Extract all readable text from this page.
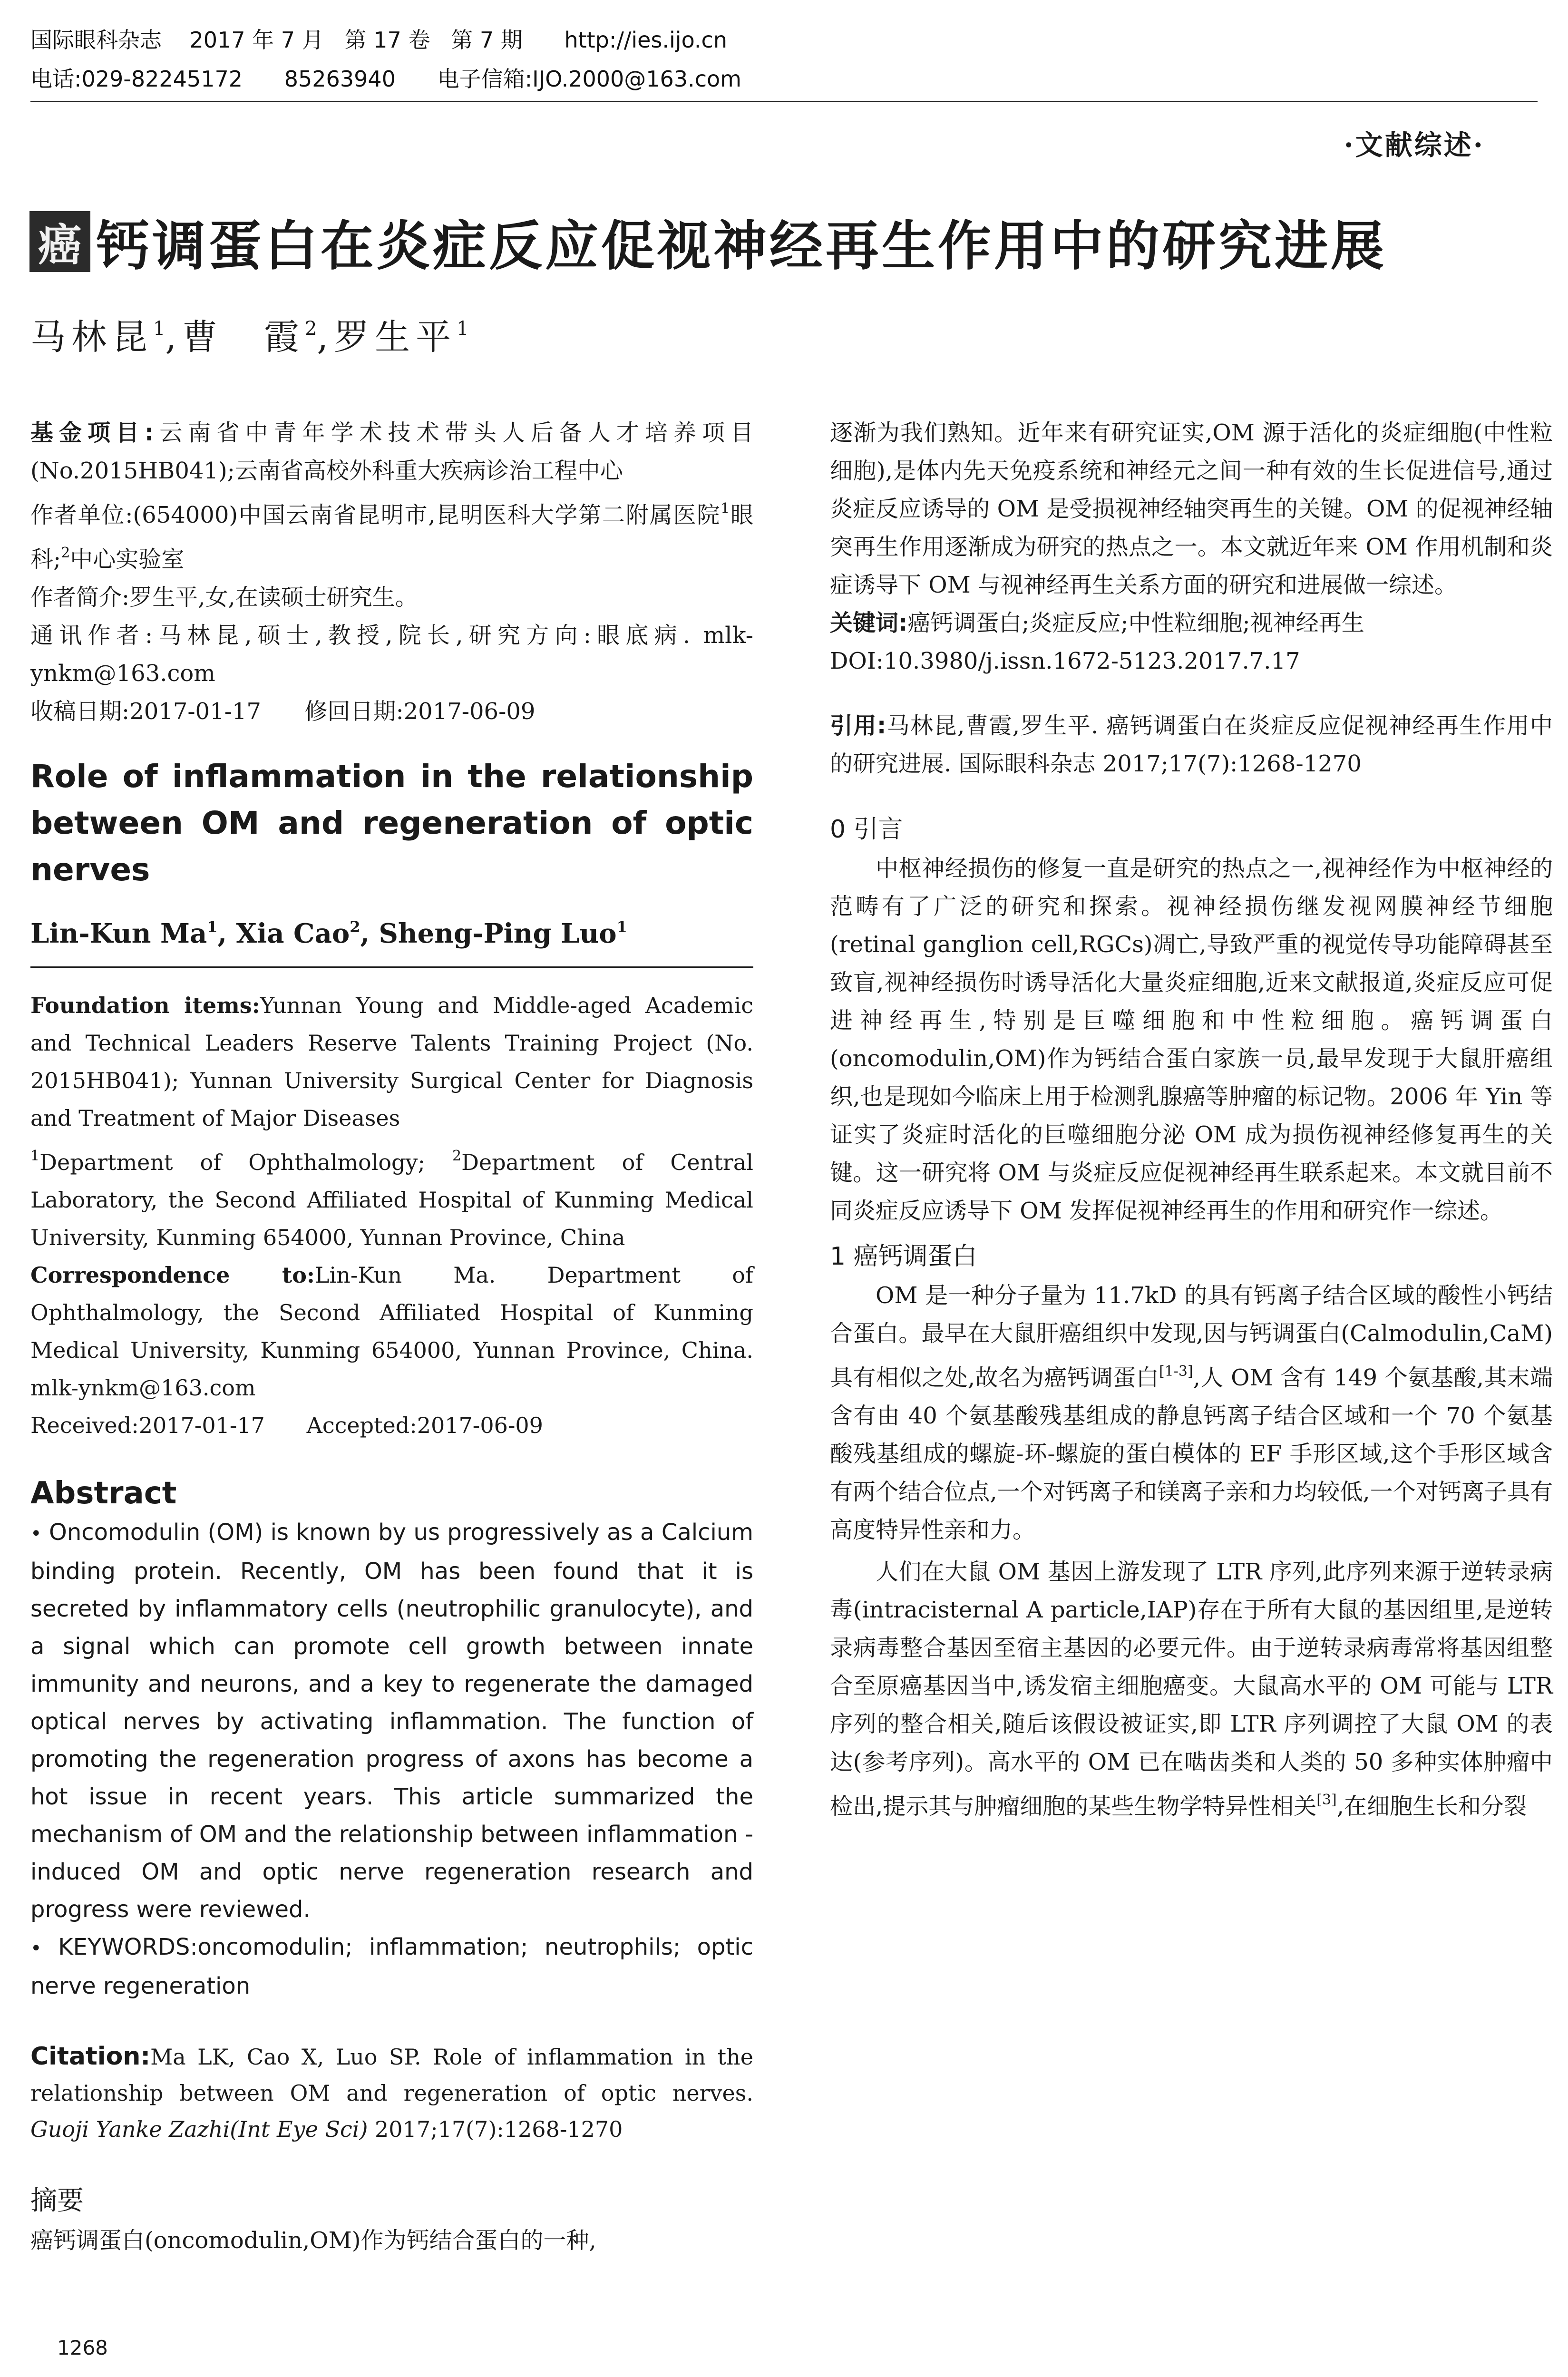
国际眼科杂志    2017 年 7 月   第 17 卷   第 7 期      http://ies.ijo.cn
电话:029-82245172      85263940      电子信箱:IJO.2000@163.com
·文献综述·
癌 钙调蛋白在炎症反应促视神经再生作用中的研究进展
马林昆$^1$,曹　霞$^2$,罗生平$^1$

基金项目:云南省中青年学术技术带头人后备人才培养项目(No.2015HB041);云南省高校外科重大疾病诊治工程中心

作者单位:(654000)中国云南省昆明市,昆明医科大学第二附属医院$^1$眼科;$^2$中心实验室

作者简介:罗生平,女,在读硕士研究生。

通讯作者:马林昆,硕士,教授,院长,研究方向:眼底病. mlk-ynkm@163.com

收稿日期:2017-01-17      修回日期:2017-06-09

Role of inflammation in the relationship between OM and regeneration of optic nerves
Lin-Kun Ma$^1$, Xia Cao$^2$, Sheng-Ping Luo$^1$

Foundation items:Yunnan Young and Middle-aged Academic and Technical Leaders Reserve Talents Training Project (No. 2015HB041); Yunnan University Surgical Center for Diagnosis and Treatment of Major Diseases

$^1$Department of Ophthalmology; $^2$Department of Central Laboratory, the Second Affiliated Hospital of Kunming Medical University, Kunming 654000, Yunnan Province, China

Correspondence to:Lin-Kun Ma. Department of Ophthalmology, the Second Affiliated Hospital of Kunming Medical University, Kunming 654000, Yunnan Province, China. mlk-ynkm@163.com

Received:2017-01-17      Accepted:2017-06-09

Abstract

• Oncomodulin (OM) is known by us progressively as a Calcium binding protein. Recently, OM has been found that it is secreted by inflammatory cells (neutrophilic granulocyte), and a signal which can promote cell growth between innate immunity and neurons, and a key to regenerate the damaged optical nerves by activating inflammation. The function of promoting the regeneration progress of axons has become a hot issue in recent years. This article summarized the mechanism of OM and the relationship between inflammation - induced OM and optic nerve regeneration research and progress were reviewed.

• KEYWORDS:oncomodulin; inflammation; neutrophils; optic nerve regeneration

Citation:Ma LK, Cao X, Luo SP. Role of inflammation in the relationship between OM and regeneration of optic nerves. Guoji Yanke Zazhi(Int Eye Sci) 2017;17(7):1268-1270
摘要
癌钙调蛋白(oncomodulin,OM)作为钙结合蛋白的一种,
逐渐为我们熟知。近年来有研究证实,OM 源于活化的炎症细胞(中性粒细胞),是体内先天免疫系统和神经元之间一种有效的生长促进信号,通过炎症反应诱导的 OM 是受损视神经轴突再生的关键。OM 的促视神经轴突再生作用逐渐成为研究的热点之一。本文就近年来 OM 作用机制和炎症诱导下 OM 与视神经再生关系方面的研究和进展做一综述。
关键词:癌钙调蛋白;炎症反应;中性粒细胞;视神经再生
DOI:10.3980/j.issn.1672-5123.2017.7.17
引用:马林昆,曹霞,罗生平. 癌钙调蛋白在炎症反应促视神经再生作用中的研究进展. 国际眼科杂志 2017;17(7):1268-1270
0 引言
中枢神经损伤的修复一直是研究的热点之一,视神经作为中枢神经的范畴有了广泛的研究和探索。视神经损伤继发视网膜神经节细胞(retinal ganglion cell,RGCs)凋亡,导致严重的视觉传导功能障碍甚至致盲,视神经损伤时诱导活化大量炎症细胞,近来文献报道,炎症反应可促进神经再生,特别是巨噬细胞和中性粒细胞。癌钙调蛋白(oncomodulin,OM)作为钙结合蛋白家族一员,最早发现于大鼠肝癌组织,也是现如今临床上用于检测乳腺癌等肿瘤的标记物。2006 年 Yin 等证实了炎症时活化的巨噬细胞分泌 OM 成为损伤视神经修复再生的关键。这一研究将 OM 与炎症反应促视神经再生联系起来。本文就目前不同炎症反应诱导下 OM 发挥促视神经再生的作用和研究作一综述。
1 癌钙调蛋白
OM 是一种分子量为 11.7kD 的具有钙离子结合区域的酸性小钙结合蛋白。最早在大鼠肝癌组织中发现,因与钙调蛋白(Calmodulin,CaM)具有相似之处,故名为癌钙调蛋白[1-3],人 OM 含有 149 个氨基酸,其末端含有由 40 个氨基酸残基组成的静息钙离子结合区域和一个 70 个氨基酸残基组成的螺旋-环-螺旋的蛋白模体的 EF 手形区域,这个手形区域含有两个结合位点,一个对钙离子和镁离子亲和力均较低,一个对钙离子具有高度特异性亲和力。
人们在大鼠 OM 基因上游发现了 LTR 序列,此序列来源于逆转录病毒(intracisternal A particle,IAP)存在于所有大鼠的基因组里,是逆转录病毒整合基因至宿主基因的必要元件。由于逆转录病毒常将基因组整合至原癌基因当中,诱发宿主细胞癌变。大鼠高水平的 OM 可能与 LTR 序列的整合相关,随后该假设被证实,即 LTR 序列调控了大鼠 OM 的表达(参考序列)。高水平的 OM 已在啮齿类和人类的 50 多种实体肿瘤中检出,提示其与肿瘤细胞的某些生物学特异性相关[3],在细胞生长和分裂
1268
